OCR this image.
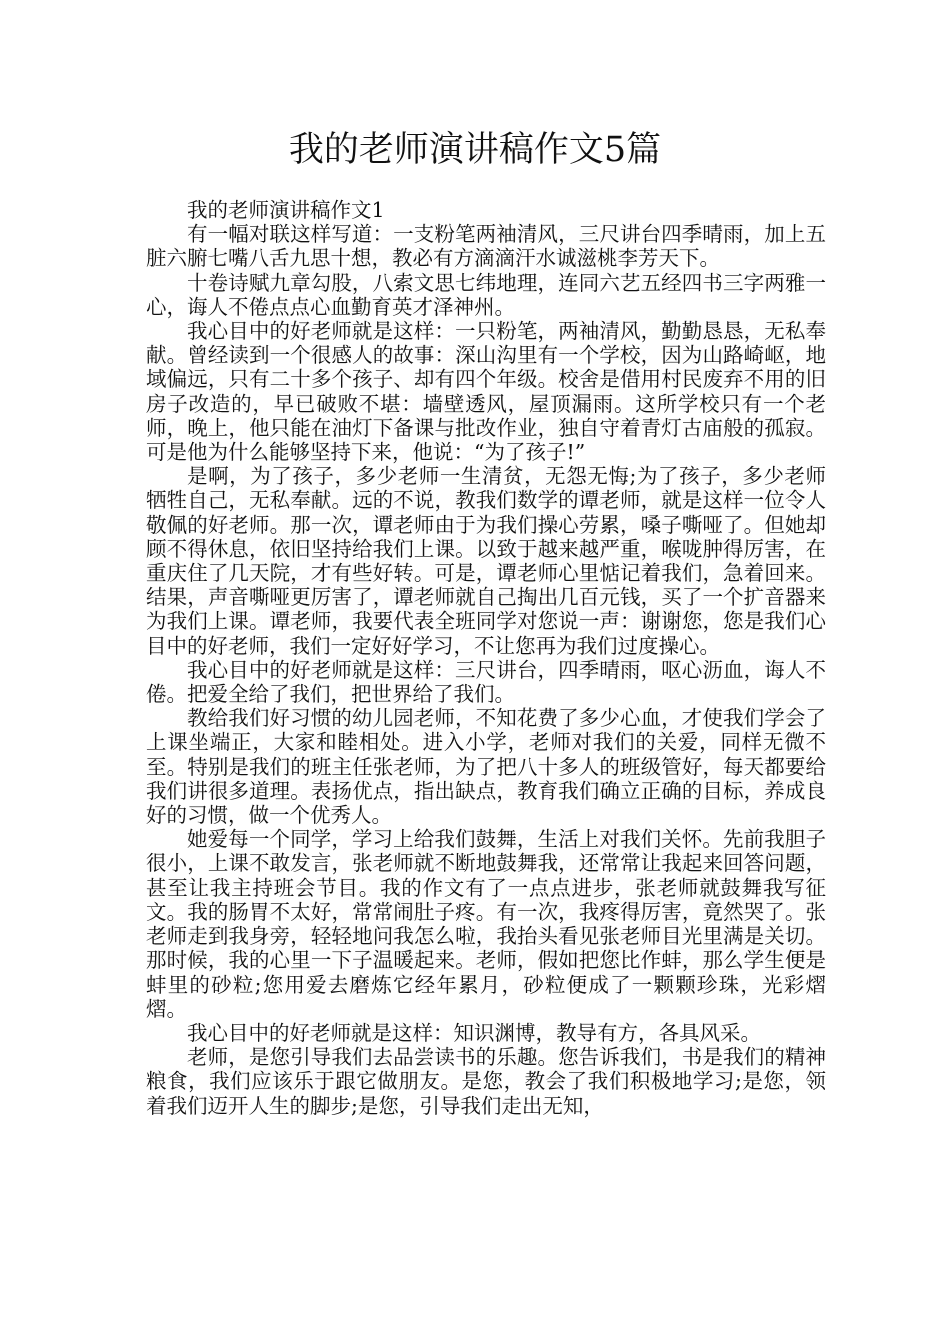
我的老师演讲稿作文5篇

我的老师演讲稿作文1

有一幅对联这样写道：一支粉笔两袖清风，三尺讲台四季晴雨，加上五脏六腑七嘴八舌九思十想，教必有方滴滴汗水诚滋桃李芳天下。

十卷诗赋九章勾股，八索文思七纬地理，连同六艺五经四书三字两雅一心，诲人不倦点点心血勤育英才泽神州。

我心目中的好老师就是这样：一只粉笔，两袖清风，勤勤恳恳，无私奉献。曾经读到一个很感人的故事：深山沟里有一个学校，因为山路崎岖，地域偏远，只有二十多个孩子、却有四个年级。校舍是借用村民废弃不用的旧房子改造的，早已破败不堪：墙壁透风，屋顶漏雨。这所学校只有一个老师，晚上，他只能在油灯下备课与批改作业，独自守着青灯古庙般的孤寂。可是他为什么能够坚持下来，他说：“为了孩子!”

是啊，为了孩子，多少老师一生清贫，无怨无悔;为了孩子，多少老师牺牲自己，无私奉献。远的不说，教我们数学的谭老师，就是这样一位令人敬佩的好老师。那一次，谭老师由于为我们操心劳累，嗓子嘶哑了。但她却顾不得休息，依旧坚持给我们上课。以致于越来越严重，喉咙肿得厉害，在重庆住了几天院，才有些好转。可是，谭老师心里惦记着我们，急着回来。结果，声音嘶哑更厉害了，谭老师就自己掏出几百元钱，买了一个扩音器来为我们上课。谭老师，我要代表全班同学对您说一声：谢谢您，您是我们心目中的好老师，我们一定好好学习，不让您再为我们过度操心。

我心目中的好老师就是这样：三尺讲台，四季晴雨，呕心沥血，诲人不倦。把爱全给了我们，把世界给了我们。

教给我们好习惯的幼儿园老师，不知花费了多少心血，才使我们学会了上课坐端正，大家和睦相处。进入小学，老师对我们的关爱，同样无微不至。特别是我们的班主任张老师，为了把八十多人的班级管好，每天都要给我们讲很多道理。表扬优点，指出缺点，教育我们确立正确的目标，养成良好的习惯，做一个优秀人。

她爱每一个同学，学习上给我们鼓舞，生活上对我们关怀。先前我胆子很小，上课不敢发言，张老师就不断地鼓舞我，还常常让我起来回答问题，甚至让我主持班会节目。我的作文有了一点点进步，张老师就鼓舞我写征文。我的肠胃不太好，常常闹肚子疼。有一次，我疼得厉害，竟然哭了。张老师走到我身旁，轻轻地问我怎么啦，我抬头看见张老师目光里满是关切。那时候，我的心里一下子温暖起来。老师，假如把您比作蚌，那么学生便是蚌里的砂粒;您用爱去磨炼它经年累月，砂粒便成了一颗颗珍珠，光彩熠熠。

我心目中的好老师就是这样：知识渊博，教导有方，各具风采。

老师，是您引导我们去品尝读书的乐趣。您告诉我们，书是我们的精神粮食，我们应该乐于跟它做朋友。是您，教会了我们积极地学习;是您，领着我们迈开人生的脚步;是您，引导我们走出无知，
